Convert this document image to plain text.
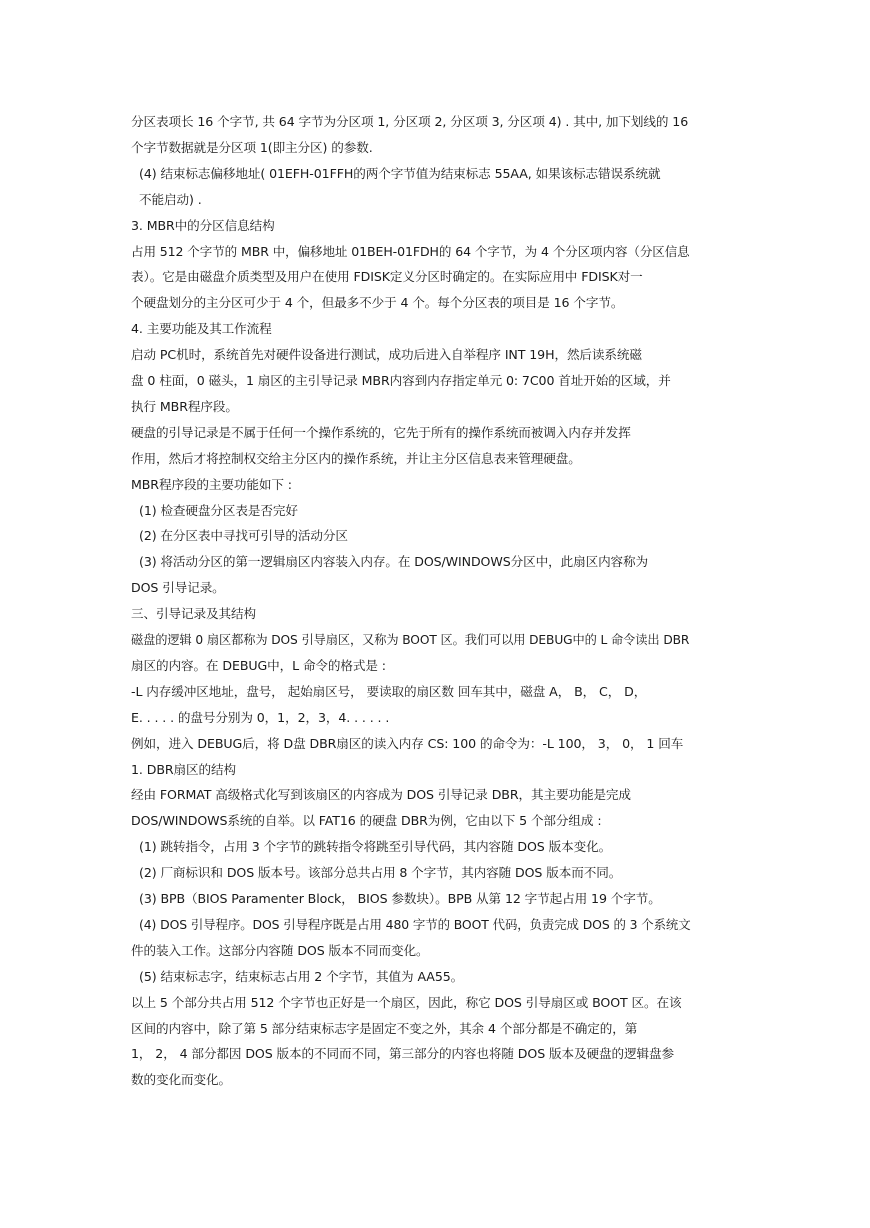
分区表项长 16 个字节, 共 64 字节为分区项 1, 分区项 2, 分区项 3, 分区项 4) . 其中, 加下划线的 16
个字节数据就是分区项 1(即主分区) 的参数.
(4) 结束标志偏移地址( 01EFH-01FFH的两个字节值为结束标志 55AA, 如果该标志错误系统就
不能启动) .
3. MBR中的分区信息结构
占用 512 个字节的 MBR 中，偏移地址 01BEH-01FDH的 64 个字节，为 4 个分区项内容（分区信息
表）。它是由磁盘介质类型及用户在使用 FDISK定义分区时确定的。在实际应用中 FDISK对一
个硬盘划分的主分区可少于 4 个，但最多不少于 4 个。每个分区表的项目是 16 个字节。
4. 主要功能及其工作流程
启动 PC机时，系统首先对硬件设备进行测试，成功后进入自举程序 INT 19H，然后读系统磁
盘 0 柱面，0 磁头，1 扇区的主引导记录 MBR内容到内存指定单元 0: 7C00 首址开始的区域，并
执行 MBR程序段。
硬盘的引导记录是不属于任何一个操作系统的，它先于所有的操作系统而被调入内存并发挥
作用，然后才将控制权交给主分区内的操作系统，并让主分区信息表来管理硬盘。
MBR程序段的主要功能如下 :
(1) 检查硬盘分区表是否完好
(2) 在分区表中寻找可引导的活动分区
(3) 将活动分区的第一逻辑扇区内容装入内存。在 DOS/WINDOWS分区中，此扇区内容称为
DOS 引导记录。
三、引导记录及其结构
磁盘的逻辑 0 扇区都称为 DOS 引导扇区，又称为 BOOT 区。我们可以用 DEBUG中的 L 命令读出 DBR
扇区的内容。在 DEBUG中，L 命令的格式是 :
-L 内存缓冲区地址，盘号， 起始扇区号， 要读取的扇区数 回车其中，磁盘 A， B， C， D，
E. . . . . 的盘号分别为 0，1，2，3，4. . . . . .
例如，进入 DEBUG后，将 D盘 DBR扇区的读入内存 CS: 100 的命令为：-L 100， 3， 0， 1 回车
1. DBR扇区的结构
经由 FORMAT 高级格式化写到该扇区的内容成为 DOS 引导记录 DBR，其主要功能是完成
DOS/WINDOWS系统的自举。以 FAT16 的硬盘 DBR为例，它由以下 5 个部分组成 :
(1) 跳转指令，占用 3 个字节的跳转指令将跳至引导代码，其内容随 DOS 版本变化。
(2) 厂商标识和 DOS 版本号。该部分总共占用 8 个字节，其内容随 DOS 版本而不同。
(3) BPB（BIOS Paramenter Block， BIOS 参数块）。BPB 从第 12 字节起占用 19 个字节。
(4) DOS 引导程序。DOS 引导程序既是占用 480 字节的 BOOT 代码，负责完成 DOS 的 3 个系统文
件的装入工作。这部分内容随 DOS 版本不同而变化。
(5) 结束标志字，结束标志占用 2 个字节，其值为 AA55。
以上 5 个部分共占用 512 个字节也正好是一个扇区，因此，称它 DOS 引导扇区或 BOOT 区。在该
区间的内容中，除了第 5 部分结束标志字是固定不变之外，其余 4 个部分都是不确定的，第
1， 2， 4 部分都因 DOS 版本的不同而不同，第三部分的内容也将随 DOS 版本及硬盘的逻辑盘参
数的变化而变化。
